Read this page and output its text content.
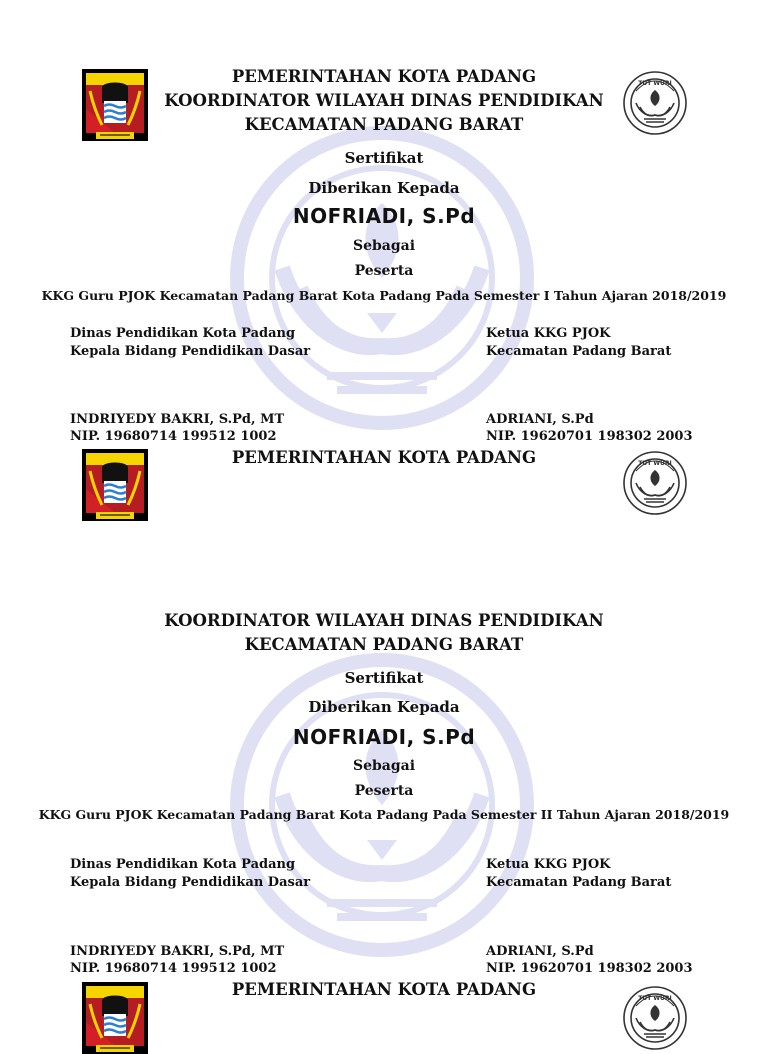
PEMERINTAHAN KOTA PADANG
KOORDINATOR WILAYAH DINAS PENDIDIKAN
KECAMATAN PADANG BARAT
Sertifikat
Diberikan Kepada
NOFRIADI, S.Pd
Sebagai
Peserta
KKG Guru PJOK Kecamatan Padang Barat Kota Padang Pada Semester I Tahun Ajaran 2018/2019
Dinas Pendidikan Kota Padang
Kepala Bidang Pendidikan Dasar
INDRIYEDY BAKRI, S.Pd, MT
NIP. 19680714 199512 1002
Ketua KKG PJOK
Kecamatan Padang Barat
ADRIANI, S.Pd
NIP. 19620701 198302 2003
PEMERINTAHAN KOTA PADANG
KOORDINATOR WILAYAH DINAS PENDIDIKAN
KECAMATAN PADANG BARAT
Sertifikat
Diberikan Kepada
NOFRIADI, S.Pd
Sebagai
Peserta
KKG Guru PJOK Kecamatan Padang Barat Kota Padang Pada Semester II Tahun Ajaran 2018/2019
Dinas Pendidikan Kota Padang
Kepala Bidang Pendidikan Dasar
INDRIYEDY BAKRI, S.Pd, MT
NIP. 19680714 199512 1002
Ketua KKG PJOK
Kecamatan Padang Barat
ADRIANI, S.Pd
NIP. 19620701 198302 2003
PEMERINTAHAN KOTA PADANG
